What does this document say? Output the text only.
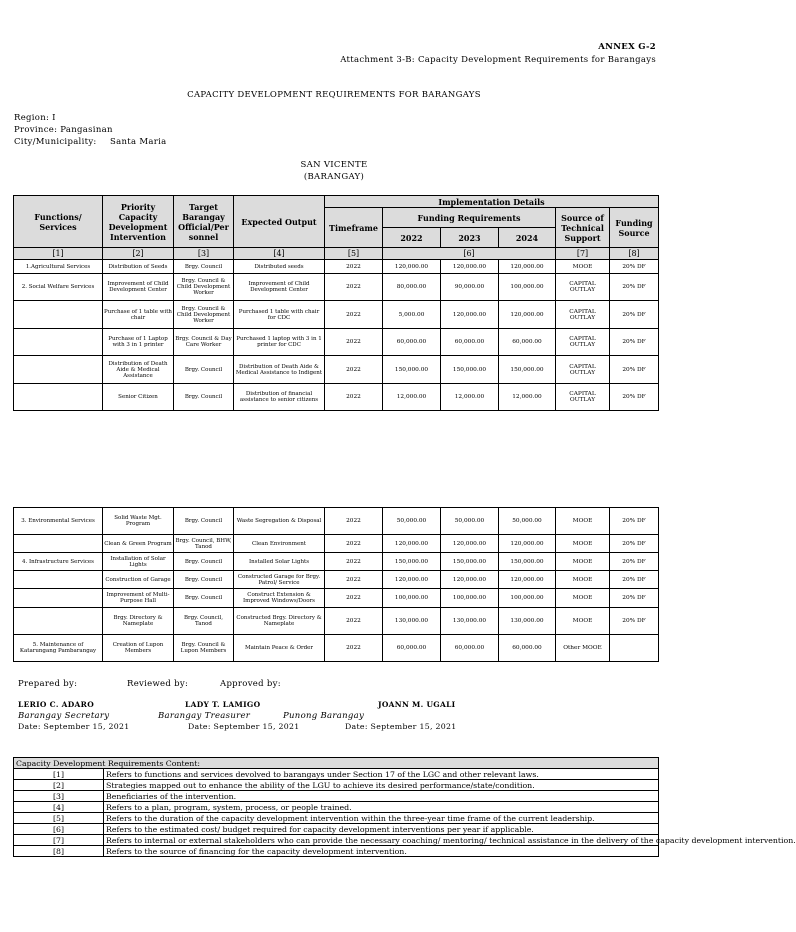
ANNEX G-2
Attachment 3-B: Capacity Development Requirements for Barangays
CAPACITY DEVELOPMENT REQUIREMENTS FOR BARANGAYS
Region: I
Province: Pangasinan
City/Municipality: Santa Maria
SAN VICENTE
(BARANGAY)
Functions/ Services	Priority Capacity Development Intervention	Target Barangay Official/Per sonnel	Expected Output	Implementation Details					
				Timeframe	Funding Requirements			Source of Technical Support	Funding Source
					2022	2023	2024		
[1]	[2]	[3]	[4]	[5]	[6]			[7]	[8]
1.Agricultural Services	Distribution of Seeds	Brgy. Council	Distributed seeds	2022	120,000.00	120,000.00	120,000.00	MOOE	20% DF
2. Social Welfare Services	Improvement of Child Development Center	Brgy. Council & Child Development Worker	Improvement of Child Development Center	2022	80,000.00	90,000.00	100,000.00	CAPITAL OUTLAY	20% DF
	Purchase of 1 table with chair	Brgy. Council & Child Development Worker	Purchased 1 table with chair for CDC	2022	5,000.00	120,000.00	120,000.00	CAPITAL OUTLAY	20% DF
	Purchase of 1 Laptop with 3 in 1 printer	Brgy. Council & Day Care Worker	Purchased 1 laptop with 3 in 1 printer for CDC	2022	60,000.00	60,000.00	60,000.00	CAPITAL OUTLAY	20% DF
	Distribution of Death Aide & Medical Assistance	Brgy. Council	Distribution of Death Aide & Medical Assistance to Indigent	2022	150,000.00	150,000.00	150,000.00	CAPITAL OUTLAY	20% DF
	Senior Citizen	Brgy. Council	Distribution of financial assistance to senior citizens	2022	12,000.00	12,000.00	12,000.00	CAPITAL OUTLAY	20% DF
3. Environmental Services	Solid Waste Mgt. Program	Brgy. Council	Waste Segregation & Disposal	2022	50,000.00	50,000.00	50,000.00	MOOE	20% DF
	Clean & Green Program	Brgy. Council, BHW, Tanod	Clean Environment	2022	120,000.00	120,000.00	120,000.00	MOOE	20% DF
4. Infrastructure Services	Installation of Solar Lights	Brgy. Council	Installed Solar Lights	2022	150,000.00	150,000.00	150,000.00	MOOE	20% DF
	Construction of Garage	Brgy. Council	Constructed Garage for Brgy. Patrol/ Service	2022	120,000.00	120,000.00	120,000.00	MOOE	20% DF
	Improvement of Multi-Purpose Hall	Brgy. Council	Construct Extension & Improved Windows/Doors	2022	100,000.00	100,000.00	100,000.00	MOOE	20% DF
	Brgy. Directory & Nameplate	Brgy. Council, Tanod	Constructed Brgy. Directory & Nameplate	2022	130,000.00	130,000.00	130,000.00	MOOE	20% DF
5. Maintenance of Katarungang Pambarangay	Creation of Lupon Members	Brgy. Council & Lupon Members	Maintain Peace & Order	2022	60,000.00	60,000.00	60,000.00	Other MOOE	
Prepared by:	Reviewed by:	Approved by:
LERIO C. ADARO	LADY T. LAMIGO	JOANN M. UGALI
Barangay Secretary	Barangay Treasurer	Punong Barangay
Date: September 15, 2021	Date: September 15, 2021	Date: September 15, 2021
Capacity Development Requirements Content:	
[1]	Refers to functions and services devolved to barangays under Section 17 of the LGC and other relevant laws.
[2]	Strategies mapped out to enhance the ability of the LGU to achieve its desired performance/state/condition.
[3]	Beneficiaries of the intervention.
[4]	Refers to a plan, program, system, process, or people trained.
[5]	Refers to the duration of the capacity development intervention within the three-year time frame of the current leadership.
[6]	Refers to the estimated cost/ budget required for capacity development interventions per year if applicable.
[7]	Refers to internal or external stakeholders who can provide the necessary coaching/ mentoring/ technical assistance in the delivery of the capacity development intervention.
[8]	Refers to the source of financing for the capacity development intervention.
